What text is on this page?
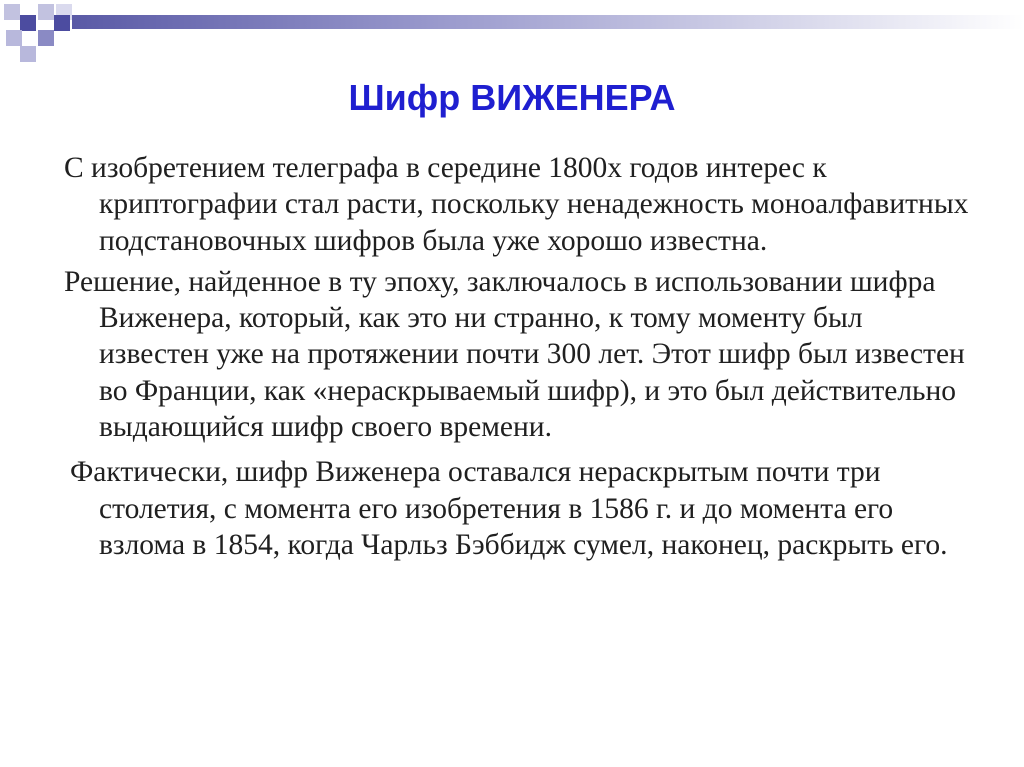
Шифр ВИЖЕНЕРА

С изобретением телеграфа в середине 1800х годов интерес к криптографии стал расти, поскольку ненадежность моноалфавитных подстановочных шифров была уже хорошо известна.

Решение, найденное в ту эпоху, заключалось в использовании шифра Виженера, который, как это ни странно, к тому моменту был известен уже на протяжении почти 300 лет. Этот шифр был известен во Франции, как «нераскрываемый шифр), и это был действительно выдающийся шифр своего времени.

Фактически, шифр Виженера оставался нераскрытым почти три столетия, с момента его изобретения в 1586 г. и до момента его взлома в 1854, когда Чарльз Бэббидж сумел, наконец, раскрыть его.
